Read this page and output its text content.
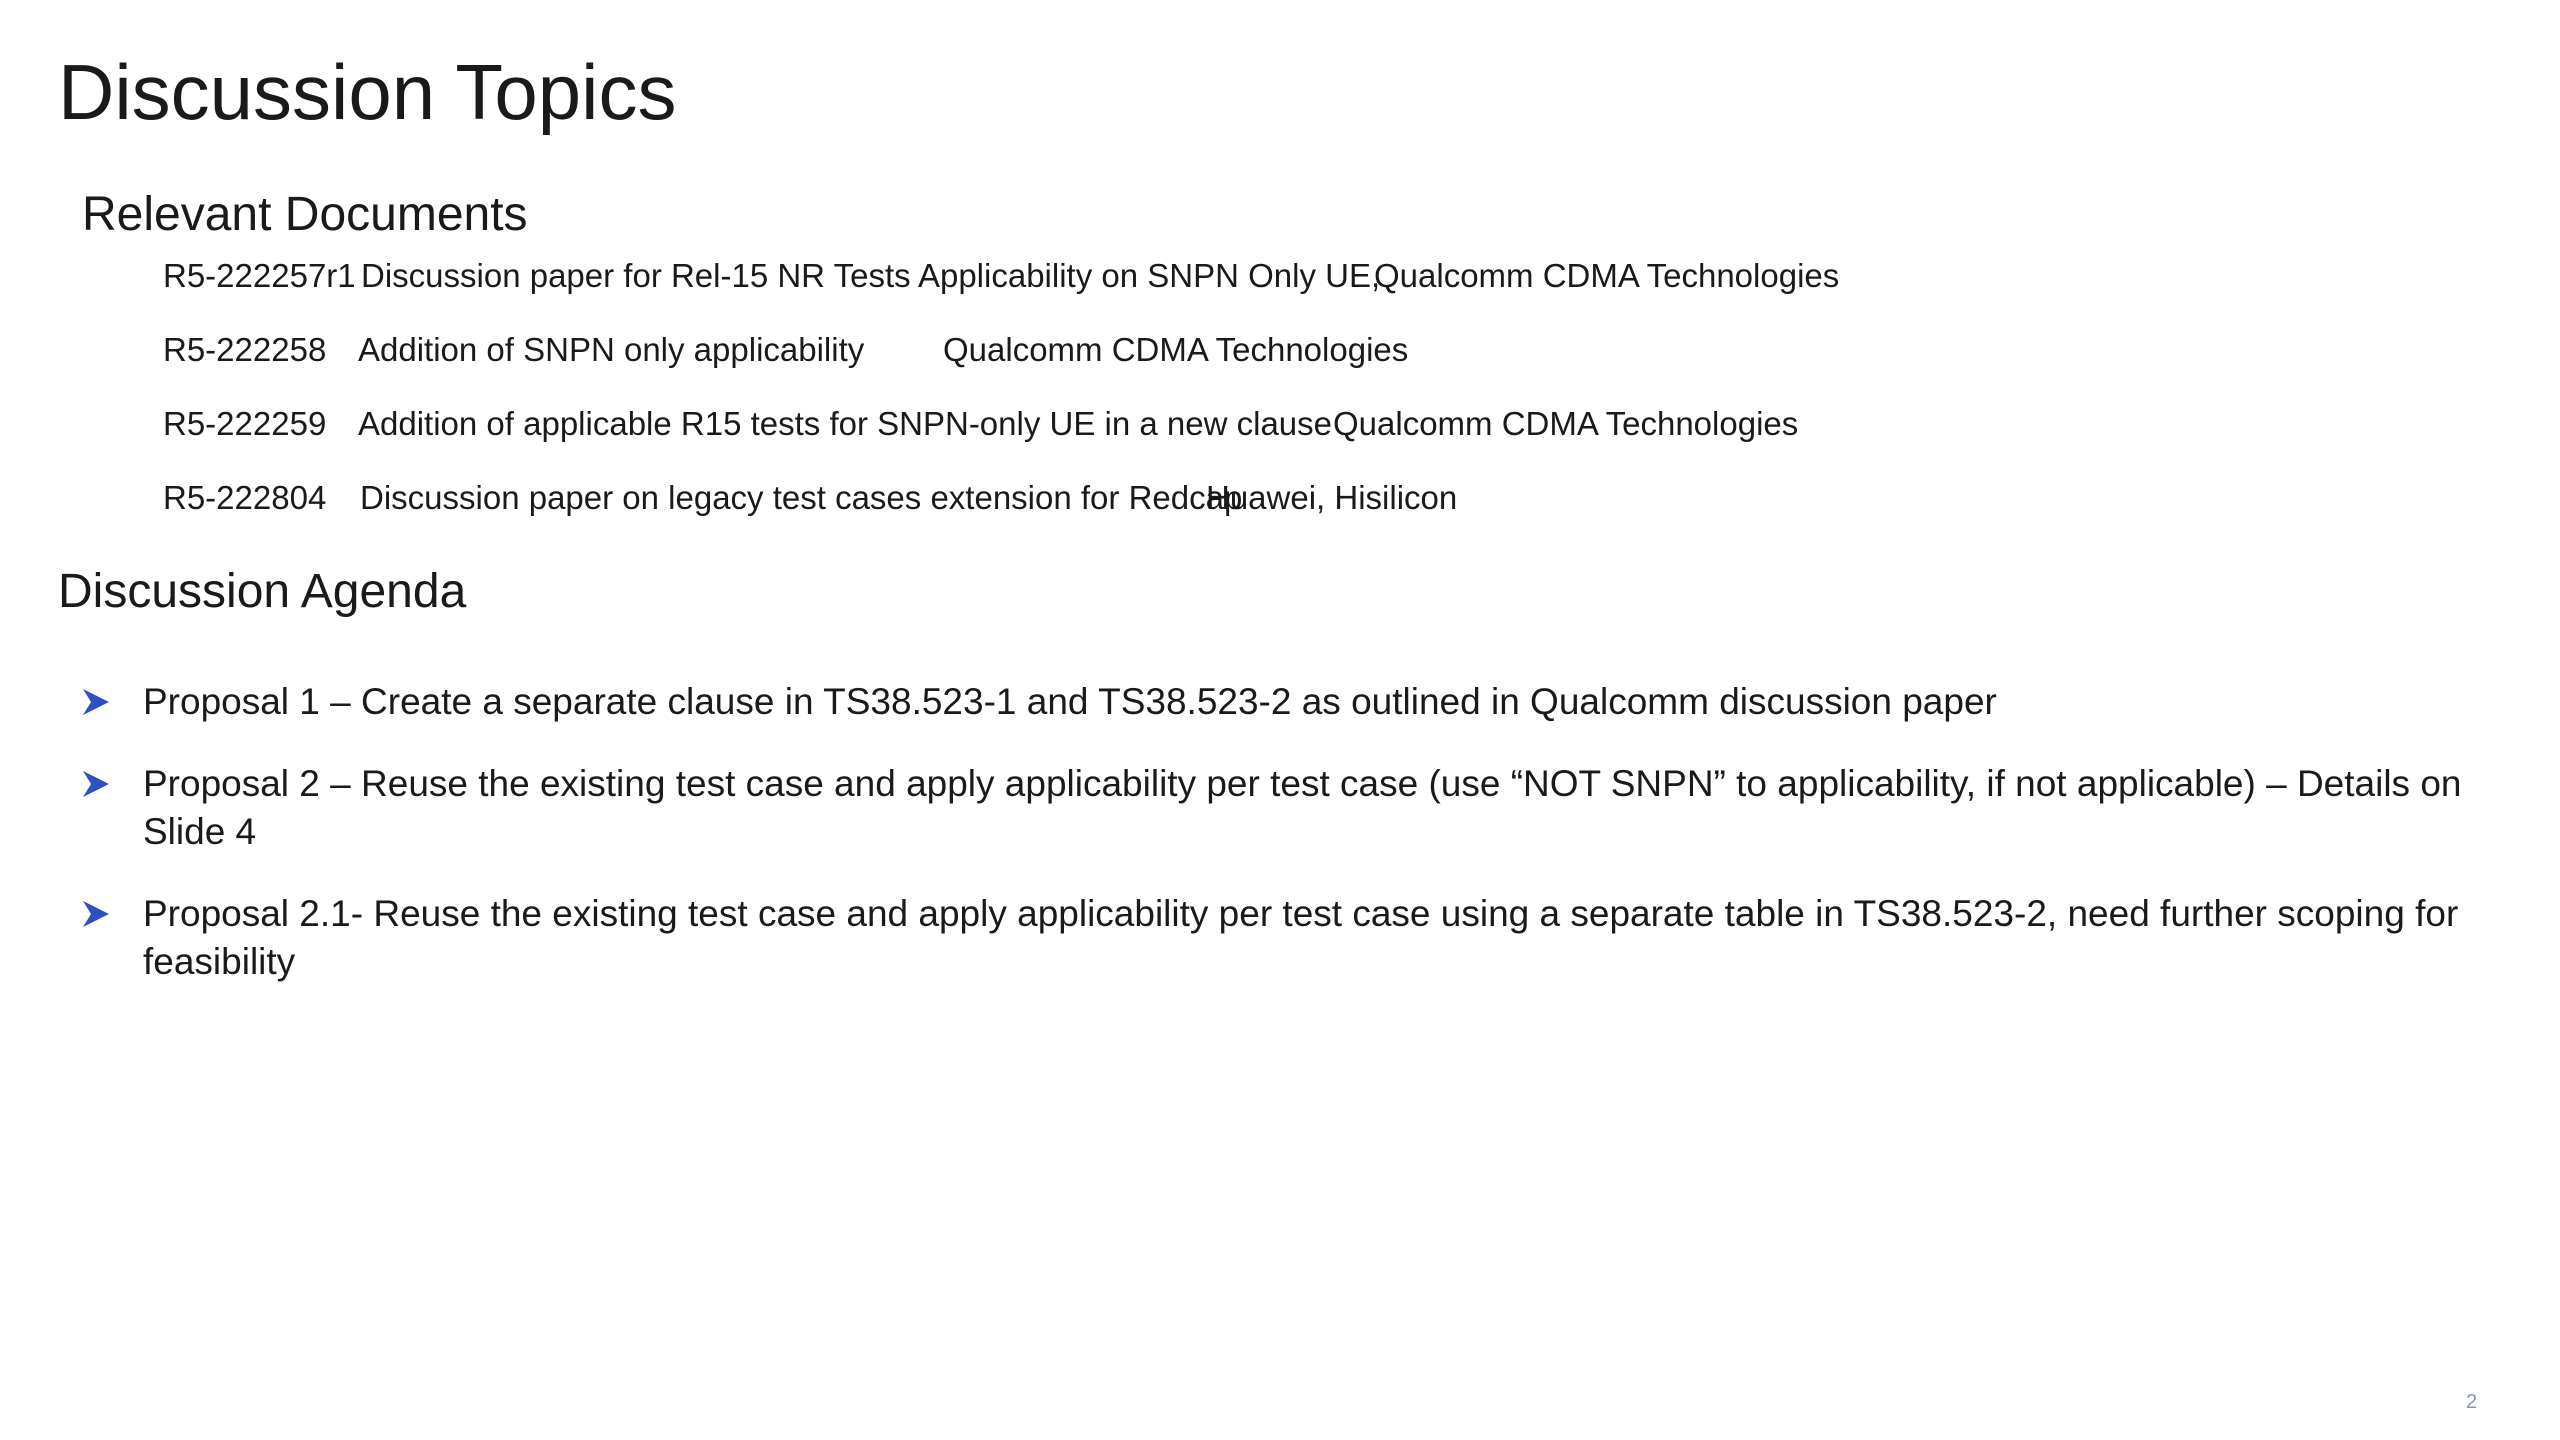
Discussion Topics
Relevant Documents
R5-222257r1 Discussion paper for Rel-15 NR Tests Applicability on SNPN Only UE,
Qualcomm CDMA Technologies
R5-222258 Addition of SNPN only applicability Qualcomm CDMA Technologies
R5-222259 Addition of applicable R15 tests for SNPN-only UE in a new clause Qualcomm CDMA Technologies
R5-222804 Discussion paper on legacy test cases extension for Redcap
Huawei, Hisilicon
Discussion Agenda
Proposal 1 – Create a separate clause in TS38.523-1 and TS38.523-2 as outlined in Qualcomm discussion paper
Proposal 2 – Reuse the existing test case and apply applicability per test case (use “NOT SNPN” to applicability, if not applicable) – Details on Slide 4
Proposal 2.1- Reuse the existing test case and apply applicability per test case using a separate table in TS38.523-2, need further scoping for feasibility
2
